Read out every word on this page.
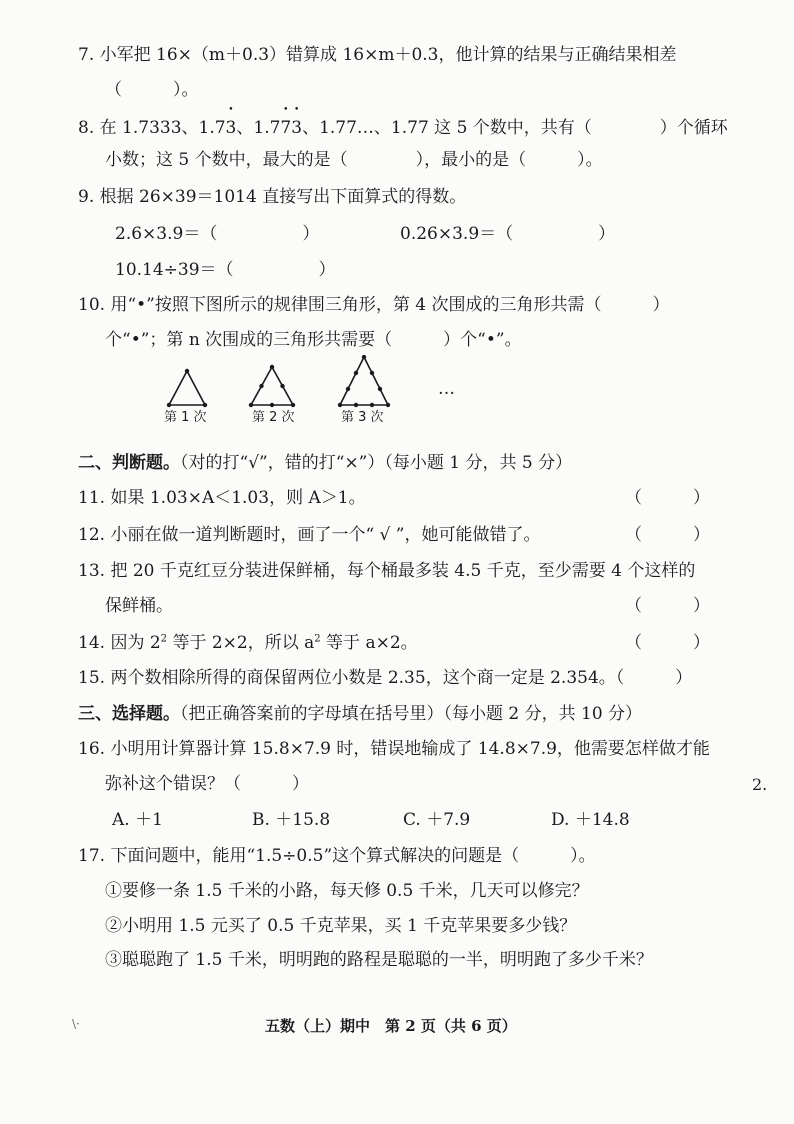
7. 小军把 16×（m＋0.3）错算成 16×m＋0.3，他计算的结果与正确结果相差
（　　　）。
8. 在 1.7333、1.7• 3、1.7• 7• 3、1.77…、1.77 这 5 个数中，共有（　　　　）个循环
小数；这 5 个数中，最大的是（　　　　），最小的是（　　　）。
9. 根据 26×39＝1014 直接写出下面算式的得数。
2.6×3.9＝（　　　　　）	0.26×3.9＝（　　　　　）
10.14÷39＝（　　　　　）
10. 用“•”按照下图所示的规律围三角形，第 4 次围成的三角形共需（　　　）
个“•”；第 n 次围成的三角形共需要（　　　）个“•”。
…
第 1 次	第 2 次	第 3 次
二、判断题。（对的打“√”，错的打“×”）（每小题 1 分，共 5 分）
11. 如果 1.03×A＜1.03，则 A＞1。	（　　　）
12. 小丽在做一道判断题时，画了一个“ √ ”，她可能做错了。	（　　　）
13. 把 20 千克红豆分装进保鲜桶，每个桶最多装 4.5 千克，至少需要 4 个这样的
保鲜桶。	（　　　）
14. 因为 $2^2$ 等于 2×2，所以 $a^2$ 等于 a×2。	（　　　）
15. 两个数相除所得的商保留两位小数是 2.35，这个商一定是 2.354。（　　　）
三、选择题。（把正确答案前的字母填在括号里）（每小题 2 分，共 10 分）
16. 小明用计算器计算 15.8×7.9 时，错误地输成了 14.8×7.9，他需要怎样做才能
弥补这个错误？（　　　）
A. ＋1	B. ＋15.8	C. ＋7.9	D. ＋14.8
17. 下面问题中，能用“1.5÷0.5”这个算式解决的问题是（　　　）。
①要修一条 1.5 千米的小路，每天修 0.5 千米，几天可以修完？
②小明用 1.5 元买了 0.5 千克苹果，买 1 千克苹果要多少钱？
③聪聪跑了 1.5 千米，明明跑的路程是聪聪的一半，明明跑了多少千米？
2.
\·	五数（上）期中　第 2 页（共 6 页）
